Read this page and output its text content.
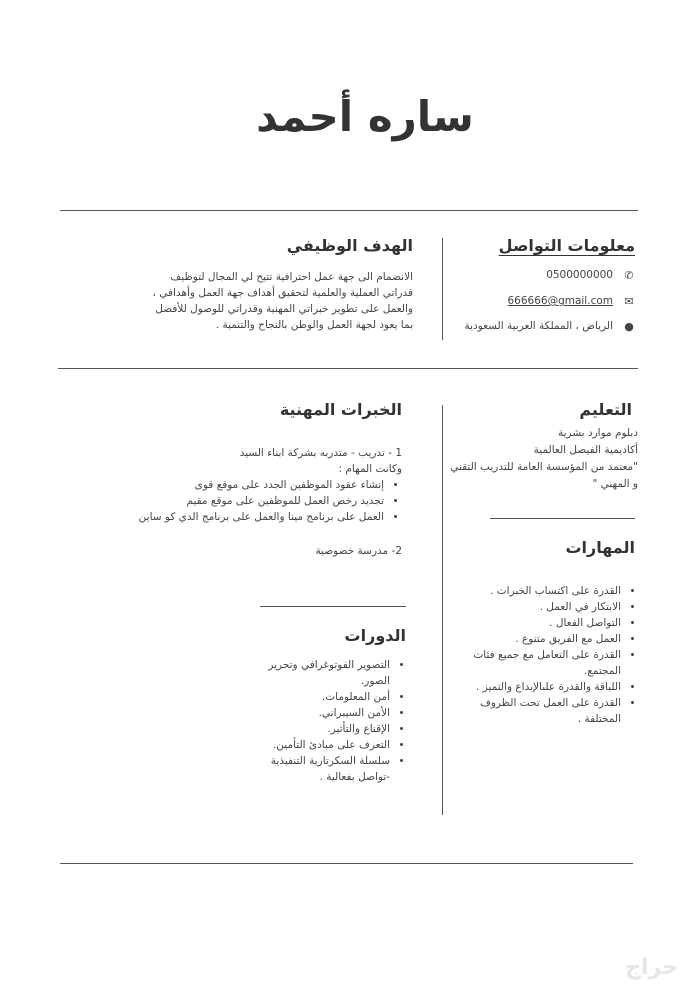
ساره أحمد
معلومات التواصل
✆
0500000000
✉
666666@gmail.com
●
الرياض ، المملكة العربية السعودية
الهدف الوظيفي
الانضمام الى جهة عمل احترافية تتيح لي المجال لتوظيف قدراتي العملية والعلمية لتحقيق أهداف جهة العمل وأهدافي ، والعمل على تطوير خبراتي المهنية وقدراتي للوصول للأفضل بما يعود لجهة العمل والوطن بالنجاح والتنمية .
التعليم
دبلوم موارد بشرية
أكاديمية الفيصل العالمية
"معتمد من المؤسسة العامة للتدريب التقني و المهني "
المهارات
• القدرة على اكتساب الخبرات .
• الابتكار في العمل .
• التواصل الفعال .
• العمل مع الفريق متنوع .
• القدرة على التعامل مع جميع فئات المجتمع.
• اللباقة والقدرة علىالإبداع والتميز .
• القدرة على العمل تحت الظروف المختلفة .
الخبرات المهنية
1 - تدريب - متدربه بشركة ابناء السيد
وكانت المهام :
• إنشاء عقود الموظفين الجدد على موقع قوى
• تجديد رخص العمل للموظفين على موقع مقيم
• العمل على برنامج مينا والعمل على برنامج الدي كو ساين
2- مدرسة خصوصية
الدورات
• التصوير الفوتوغرافي وتحرير الصور.
• أمن المعلومات.
• الأمن السيبراني.
• الإقناع والتأثير.
• التعرف على مبادئ التأمين.
• سلسلة السكرتارية التنفيذية -تواصل بفعالية .
حراج
